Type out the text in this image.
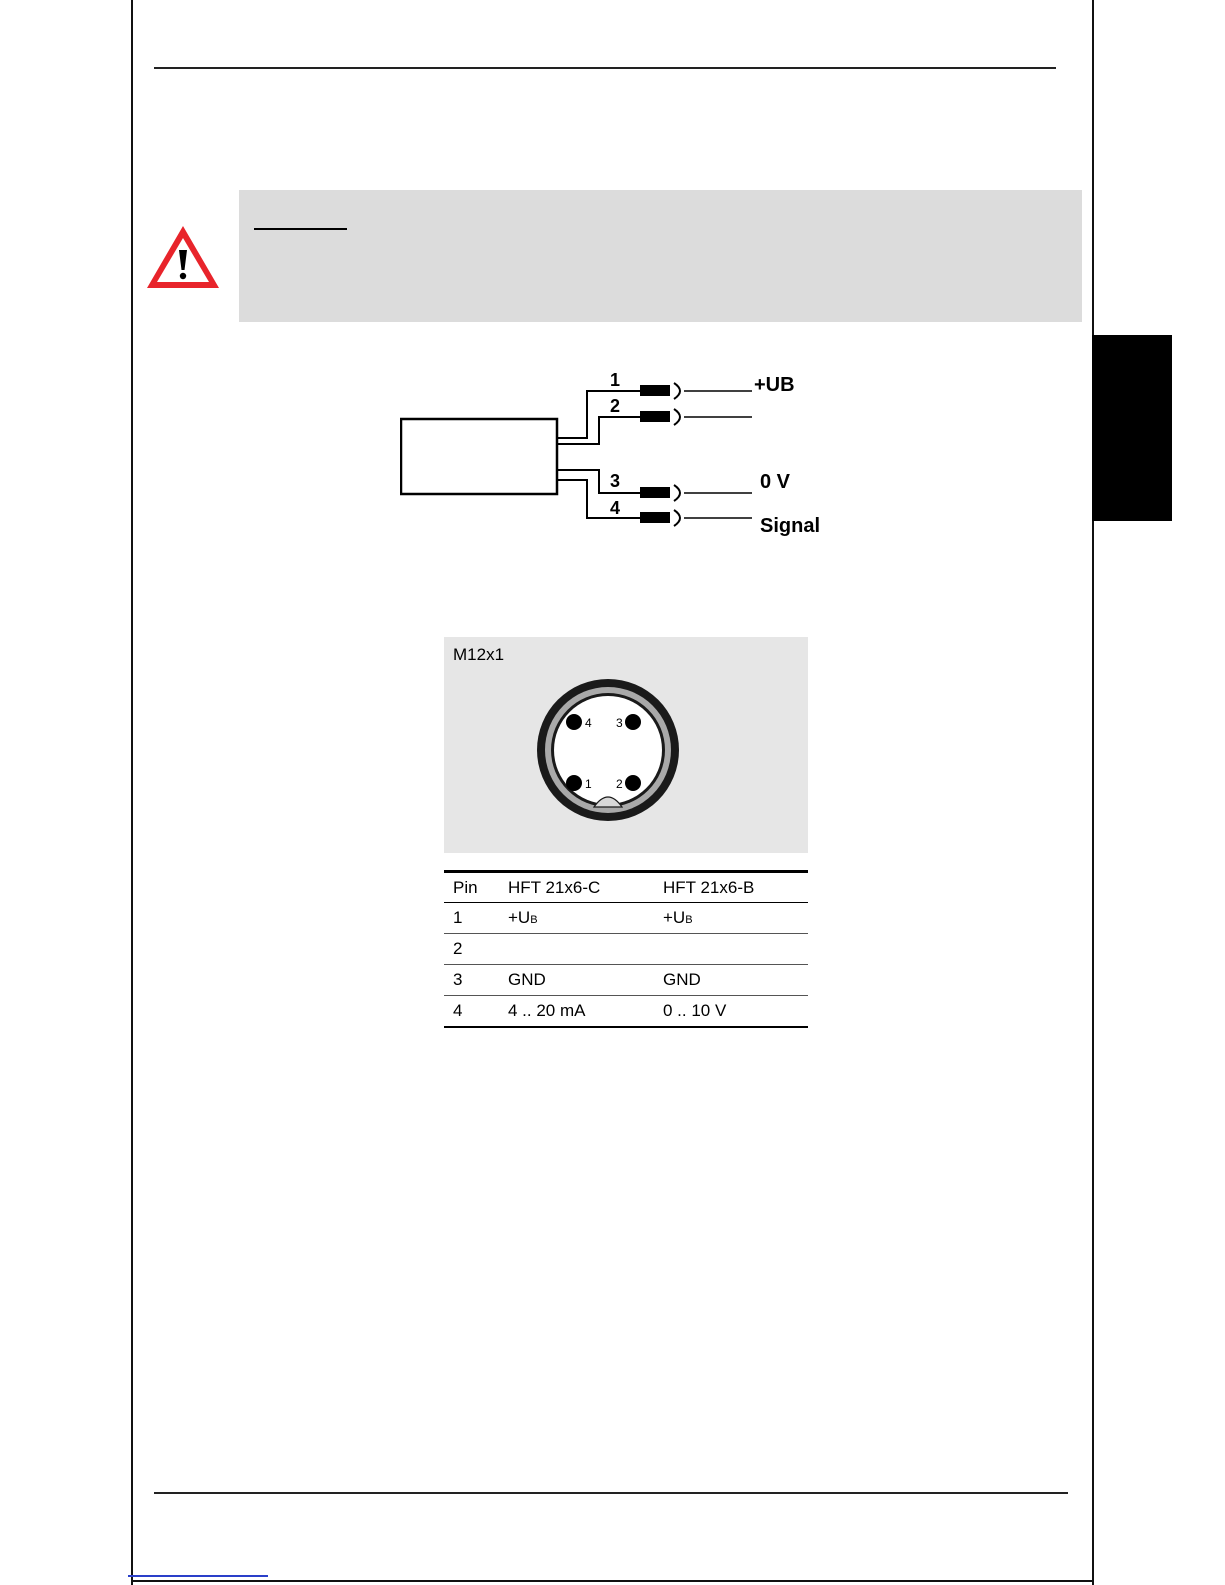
1
2
3
4
+UB
0 V
Signal
4 3
1 2
M12x1
Pin	HFT 21x6-C	HFT 21x6-B
1	+UB	+UB
2		
3	GND	GND
4	4 .. 20 mA	0 .. 10 V
